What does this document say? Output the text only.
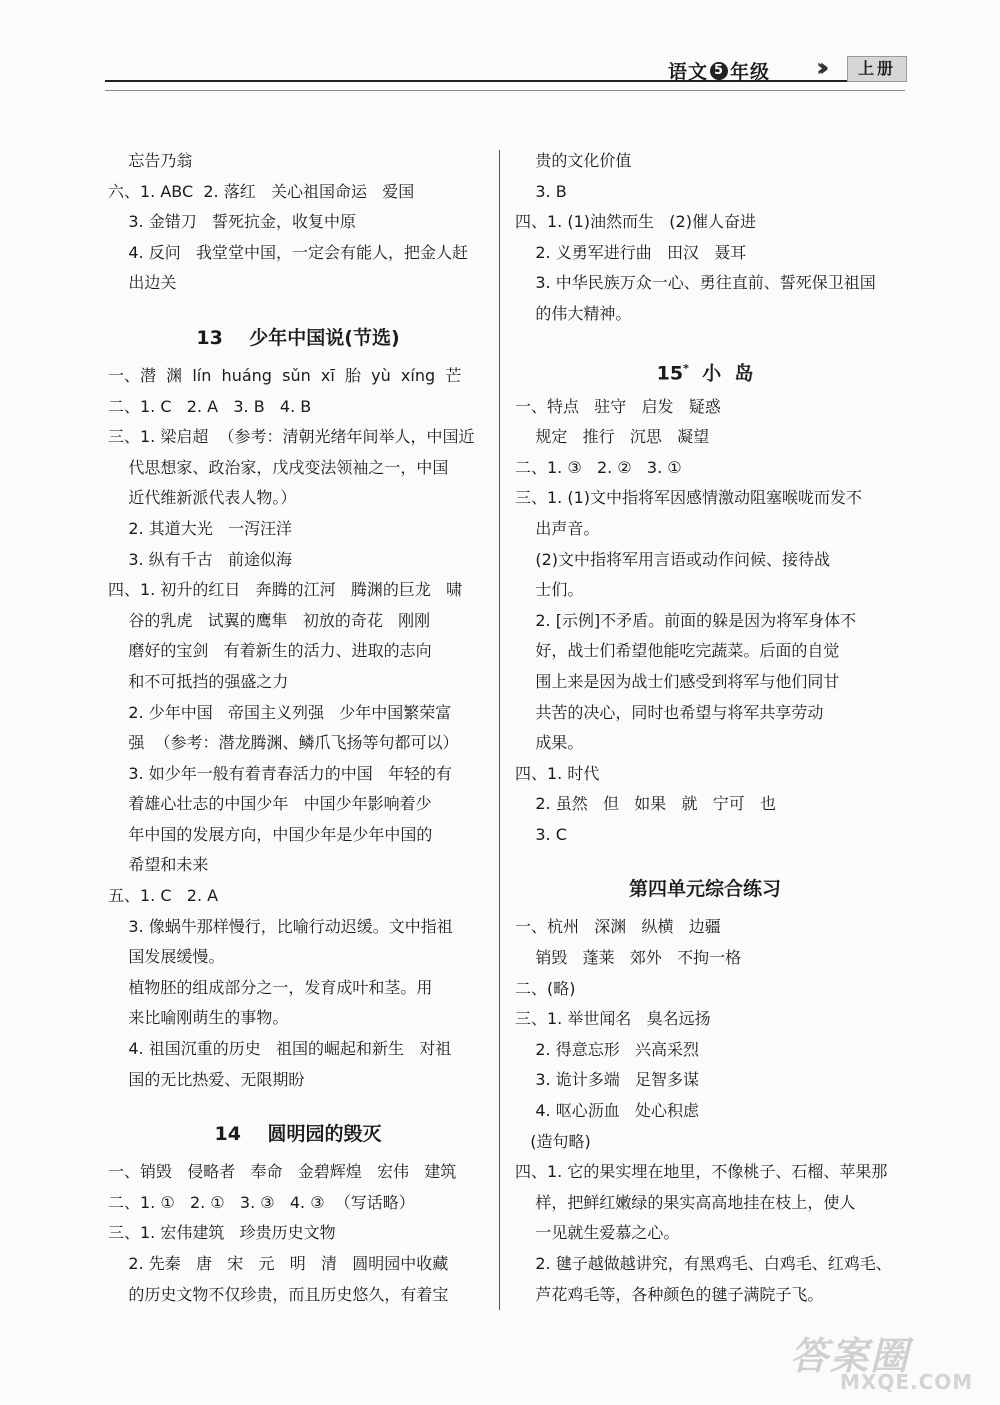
语文 5 年级 ››	上册
忘告乃翁
六、1. ABC  2. 落红   关心祖国命运   爱国
3. 金错刀   誓死抗金，收复中原
4. 反问   我堂堂中国，一定会有能人，把金人赶
出边关
13    少年中国说(节选)
一、潜  渊  lín  huáng  sǔn  xī  胎  yù  xíng  芒
二、1. C   2. A   3. B   4. B
三、1. 梁启超  （参考：清朝光绪年间举人，中国近
代思想家、政治家，戊戌变法领袖之一，中国
近代维新派代表人物。）
2. 其道大光   一泻汪洋
3. 纵有千古   前途似海
四、1. 初升的红日   奔腾的江河   腾渊的巨龙   啸
谷的乳虎   试翼的鹰隼   初放的奇花   刚刚
磨好的宝剑   有着新生的活力、进取的志向
和不可抵挡的强盛之力
2. 少年中国   帝国主义列强   少年中国繁荣富
强  （参考：潜龙腾渊、鳞爪飞扬等句都可以）
3. 如少年一般有着青春活力的中国   年轻的有
着雄心壮志的中国少年   中国少年影响着少
年中国的发展方向，中国少年是少年中国的
希望和未来
五、1. C   2. A
3. 像蜗牛那样慢行，比喻行动迟缓。文中指祖
国发展缓慢。
植物胚的组成部分之一，发育成叶和茎。用
来比喻刚萌生的事物。
4. 祖国沉重的历史   祖国的崛起和新生   对祖
国的无比热爱、无限期盼
14    圆明园的毁灭
一、销毁   侵略者   奉命   金碧辉煌   宏伟   建筑
二、1. ①   2. ①   3. ③   4. ③  （写话略）
三、1. 宏伟建筑   珍贵历史文物
2. 先秦   唐   宋   元   明   清   圆明园中收藏
的历史文物不仅珍贵，而且历史悠久，有着宝
贵的文化价值
3. B
四、1. (1)油然而生   (2)催人奋进
2. 义勇军进行曲   田汉   聂耳
3. 中华民族万众一心、勇往直前、誓死保卫祖国
的伟大精神。
15*  小  岛
一、特点   驻守   启发   疑惑
规定   推行   沉思   凝望
二、1. ③   2. ②   3. ①
三、1. (1)文中指将军因感情激动阻塞喉咙而发不
出声音。
(2)文中指将军用言语或动作问候、接待战
士们。
2. [示例]不矛盾。前面的躲是因为将军身体不
好，战士们希望他能吃完蔬菜。后面的自觉
围上来是因为战士们感受到将军与他们同甘
共苦的决心，同时也希望与将军共享劳动
成果。
四、1. 时代
2. 虽然   但   如果   就   宁可   也
3. C
第四单元综合练习
一、杭州   深渊   纵横   边疆
销毁   蓬莱   郊外   不拘一格
二、(略)
三、1. 举世闻名   臭名远扬
2. 得意忘形   兴高采烈
3. 诡计多端   足智多谋
4. 呕心沥血   处心积虑
(造句略)
四、1. 它的果实埋在地里，不像桃子、石榴、苹果那
样，把鲜红嫩绿的果实高高地挂在枝上，使人
一见就生爱慕之心。
2. 毽子越做越讲究，有黑鸡毛、白鸡毛、红鸡毛、
芦花鸡毛等，各种颜色的毽子满院子飞。
答案圈
MXQE.COM
